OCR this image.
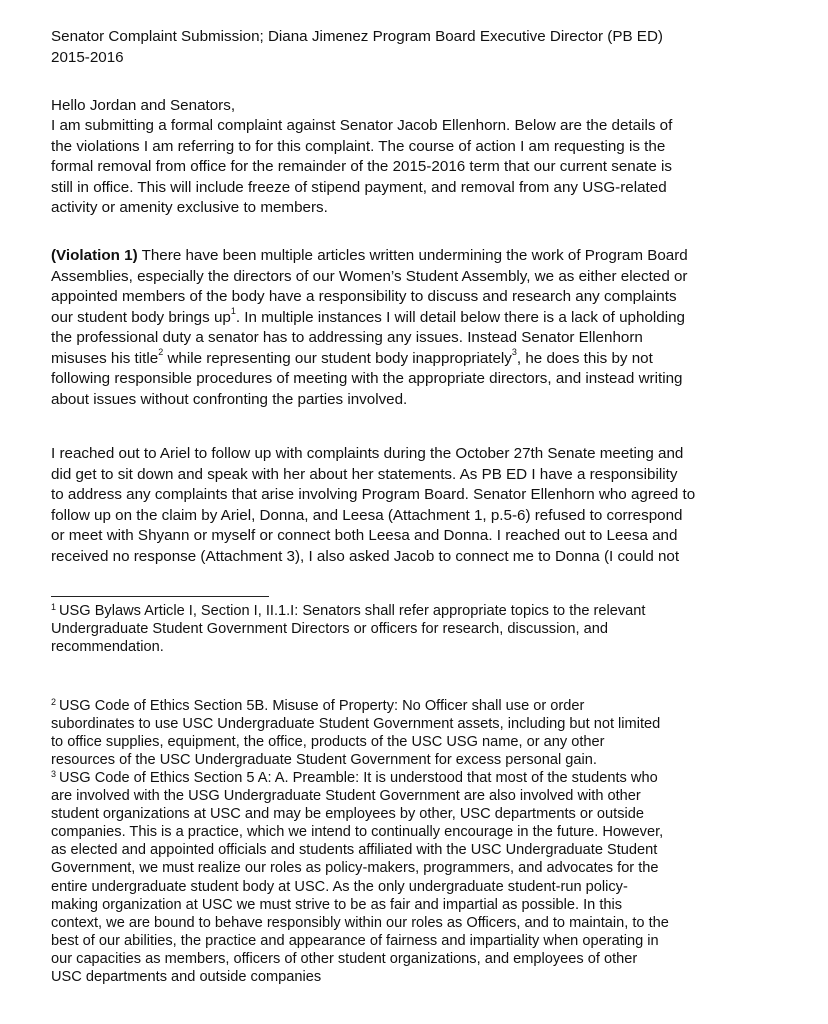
Senator Complaint Submission; Diana Jimenez Program Board Executive Director (PB ED)
2015-2016
Hello Jordan and Senators,
I am submitting a formal complaint against Senator Jacob Ellenhorn. Below are the details of
the violations I am referring to for this complaint. The course of action I am requesting is the
formal removal from office for the remainder of the 2015-2016 term that our current senate is
still in office. This will include freeze of stipend payment, and removal from any USG-related
activity or amenity exclusive to members.
(Violation 1) There have been multiple articles written undermining the work of Program Board
Assemblies, especially the directors of our Women’s Student Assembly, we as either elected or
appointed members of the body have a responsibility to discuss and research any complaints
our student body brings $up^1$. In multiple instances I will detail below there is a lack of upholding
the professional duty a senator has to addressing any issues. Instead Senator Ellenhorn
misuses his title$^2$ while representing our student body inappropriately$^3$, he does this by not
following responsible procedures of meeting with the appropriate directors, and instead writing
about issues without confronting the parties involved.
I reached out to Ariel to follow up with complaints during the October 27th Senate meeting and
did get to sit down and speak with her about her statements. As PB ED I have a responsibility
to address any complaints that arise involving Program Board. Senator Ellenhorn who agreed to
follow up on the claim by Ariel, Donna, and Leesa (Attachment 1, p.5-6) refused to correspond
or meet with Shyann or myself or connect both Leesa and Donna. I reached out to Leesa and
received no response (Attachment 3), I also asked Jacob to connect me to Donna (I could not
$^1$ USG Bylaws Article I, Section I, II.1.I: Senators shall refer appropriate topics to the relevant
Undergraduate Student Government Directors or officers for research, discussion, and
recommendation.
$^2$ USG Code of Ethics Section 5B. Misuse of Property: No Officer shall use or order
subordinates to use USC Undergraduate Student Government assets, including but not limited
to office supplies, equipment, the office, products of the USC USG name, or any other
resources of the USC Undergraduate Student Government for excess personal gain.
$^3$ USG Code of Ethics Section 5 A: A. Preamble: It is understood that most of the students who
are involved with the USG Undergraduate Student Government are also involved with other
student organizations at USC and may be employees by other, USC departments or outside
companies. This is a practice, which we intend to continually encourage in the future. However,
as elected and appointed officials and students affiliated with the USC Undergraduate Student
Government, we must realize our roles as policy-makers, programmers, and advocates for the
entire undergraduate student body at USC. As the only undergraduate student-run policy-
making organization at USC we must strive to be as fair and impartial as possible. In this
context, we are bound to behave responsibly within our roles as Officers, and to maintain, to the
best of our abilities, the practice and appearance of fairness and impartiality when operating in
our capacities as members, officers of other student organizations, and employees of other
USC departments and outside companies
